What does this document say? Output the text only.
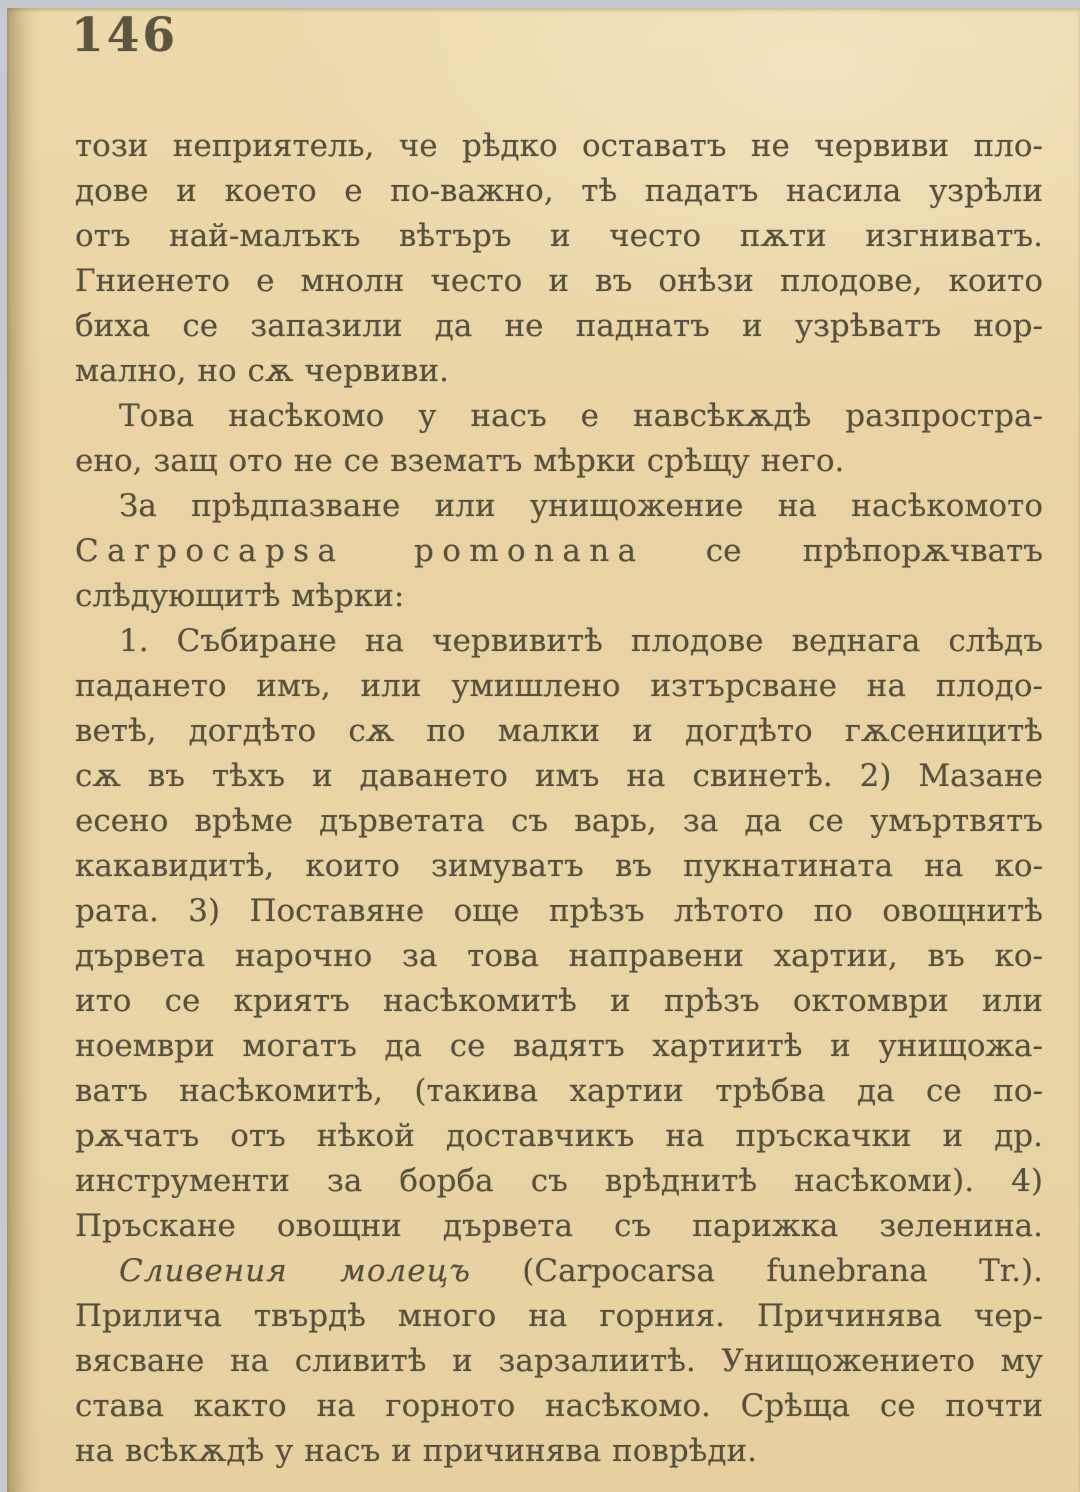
146

този неприятель, че рѣдко оставатъ не червиви пло-

дове и което е по-важно, тѣ падатъ насила узрѣли

отъ най-малъкъ вѣтъръ и често пѫти изгниватъ.

Гниенето е мнолн често и въ онѣзи плодове, които

биха се запазили да не паднатъ и узрѣватъ нор-

мално, но сѫ червиви.

Това насѣкомо у насъ е навсѣкѫдѣ разпростра-

ено, защ ото не се взематъ мѣрки срѣщу него.

За прѣдпазване или унищожение на насѣкомото

Carpocapsa pomonana се прѣпорѫчватъ

слѣдующитѣ мѣрки:

1. Събиране на червивитѣ плодове веднага слѣдъ

падането имъ, или умишлено изтърсване на плодо-

ветѣ, догдѣто сѫ по малки и догдѣто гѫсеницитѣ

сѫ въ тѣхъ и даването имъ на свинетѣ. 2) Мазане

есено врѣме дърветата съ варь, за да се умъртвятъ

какавидитѣ, които зимуватъ въ пукнатината на ко-

рата. 3) Поставяне още прѣзъ лѣтото по овощнитѣ

дървета нарочно за това направени хартии, въ ко-

ито се криятъ насѣкомитѣ и прѣзъ октомври или

ноември могатъ да се вадятъ хартиитѣ и унищожа-

ватъ насѣкомитѣ, (такива хартии трѣбва да се по-

рѫчатъ отъ нѣкой доставчикъ на пръскачки и др.

инструменти за борба съ врѣднитѣ насѣкоми). 4)

Пръскане овощни дървета съ парижка зеленина.

Сливения молецъ (Carpocarsa funebrana Tr.).

Прилича твърдѣ много на горния. Причинява чер-

вясване на сливитѣ и зарзалиитѣ. Унищожението му

става както на горното насѣкомо. Срѣща се почти

на всѣкѫдѣ у насъ и причинява поврѣди.
